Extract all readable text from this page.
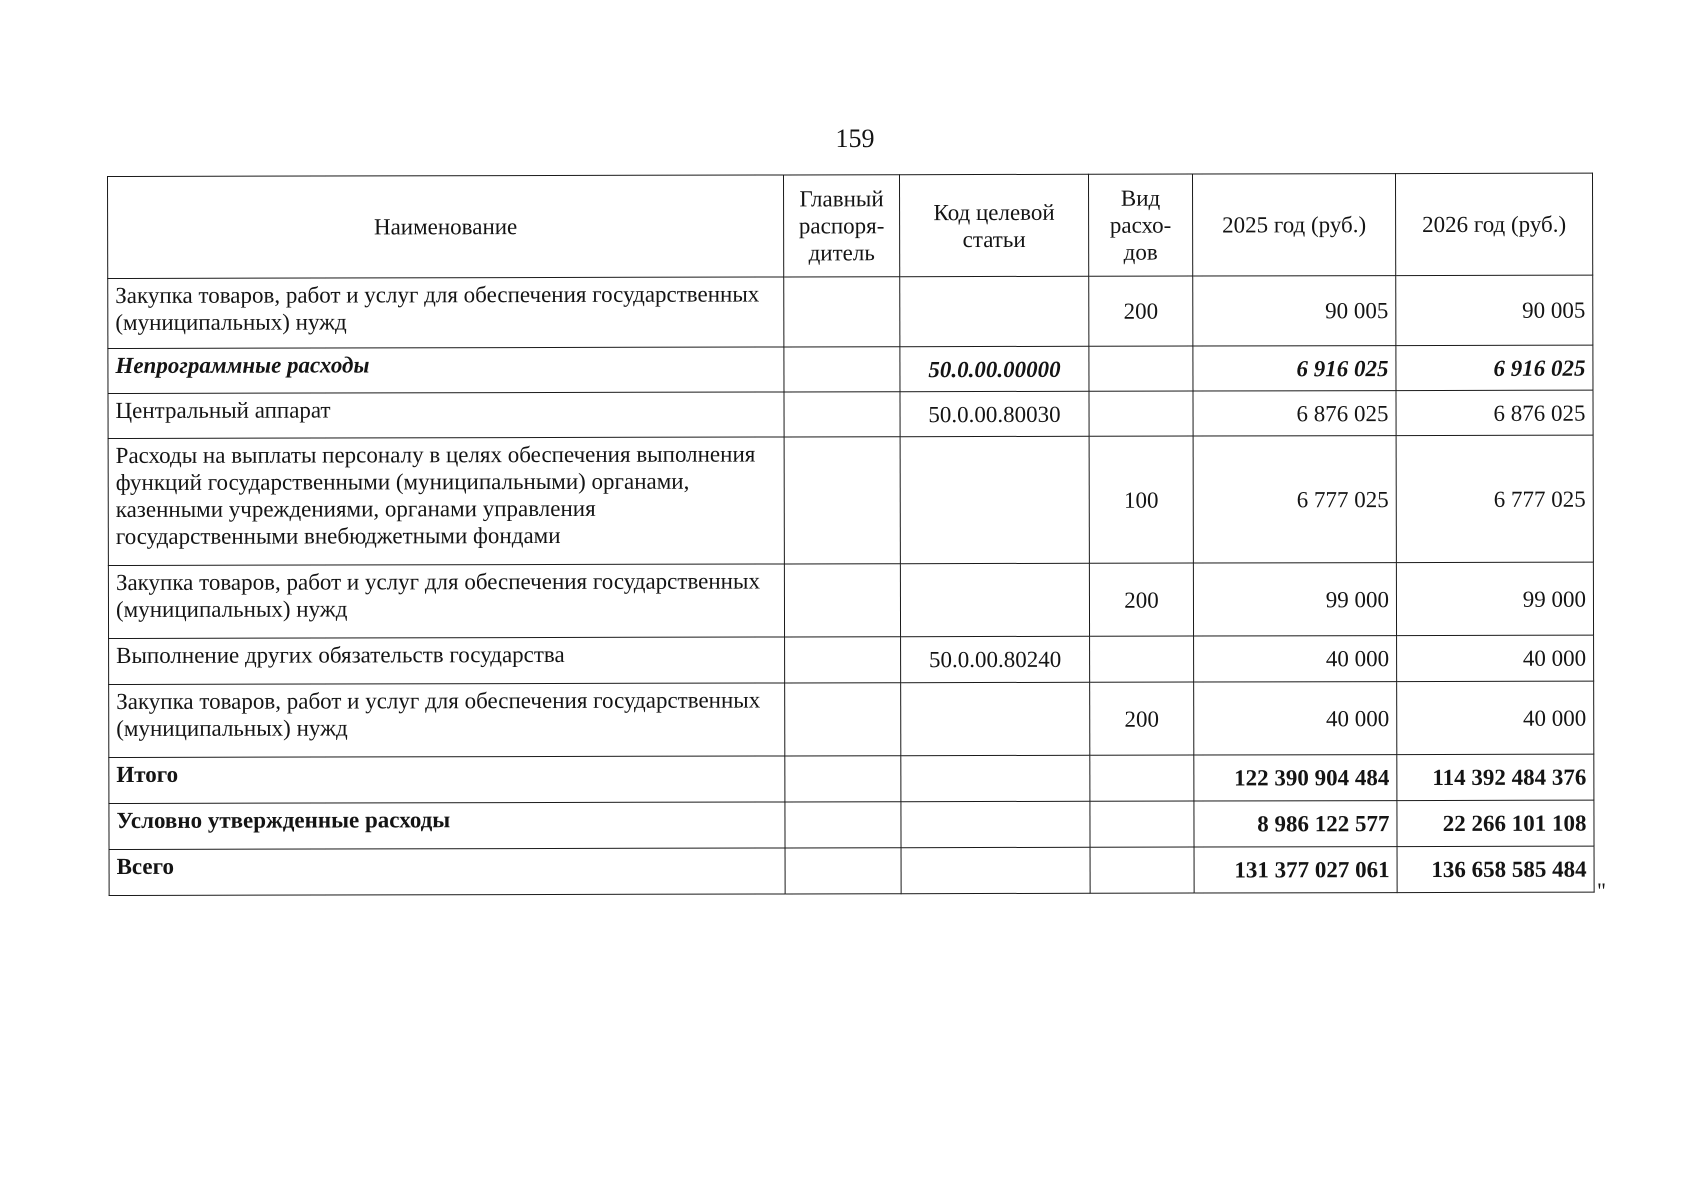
159
Наименование	Главный распоря-дитель	Код целевой статьи	Вид расхо-дов	2025 год (руб.)	2026 год (руб.)
Закупка товаров, работ и услуг для обеспечения государственных (муниципальных) нужд			200	90 005	90 005
Непрограммные расходы		50.0.00.00000		6 916 025	6 916 025
Центральный аппарат		50.0.00.80030		6 876 025	6 876 025
Расходы на выплаты персоналу в целях обеспечения выполнения функций государственными (муниципальными) органами, казенными учреждениями, органами управления государственными внебюджетными фондами			100	6 777 025	6 777 025
Закупка товаров, работ и услуг для обеспечения государственных (муниципальных) нужд			200	99 000	99 000
Выполнение других обязательств государства		50.0.00.80240		40 000	40 000
Закупка товаров, работ и услуг для обеспечения государственных (муниципальных) нужд			200	40 000	40 000
Итого				122 390 904 484	114 392 484 376
Условно утвержденные расходы				8 986 122 577	22 266 101 108
Всего				131 377 027 061	136 658 585 484
"
